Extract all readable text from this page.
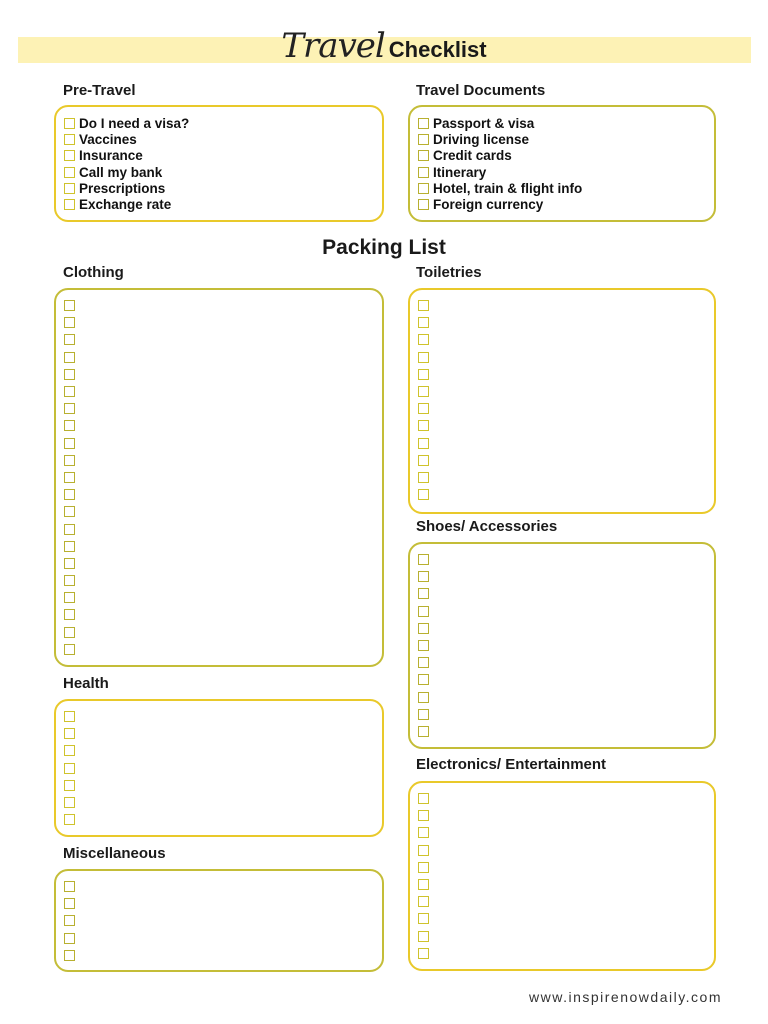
Travel Checklist
Pre-Travel
Do I need a visa?
Vaccines
Insurance
Call my bank
Prescriptions
Exchange rate
Travel Documents
Passport & visa
Driving license
Credit cards
Itinerary
Hotel, train & flight info
Foreign currency
Packing List
Clothing	Toiletries
Shoes/ Accessories
Health
Electronics/ Entertainment
Miscellaneous
www.inspirenowdaily.com
